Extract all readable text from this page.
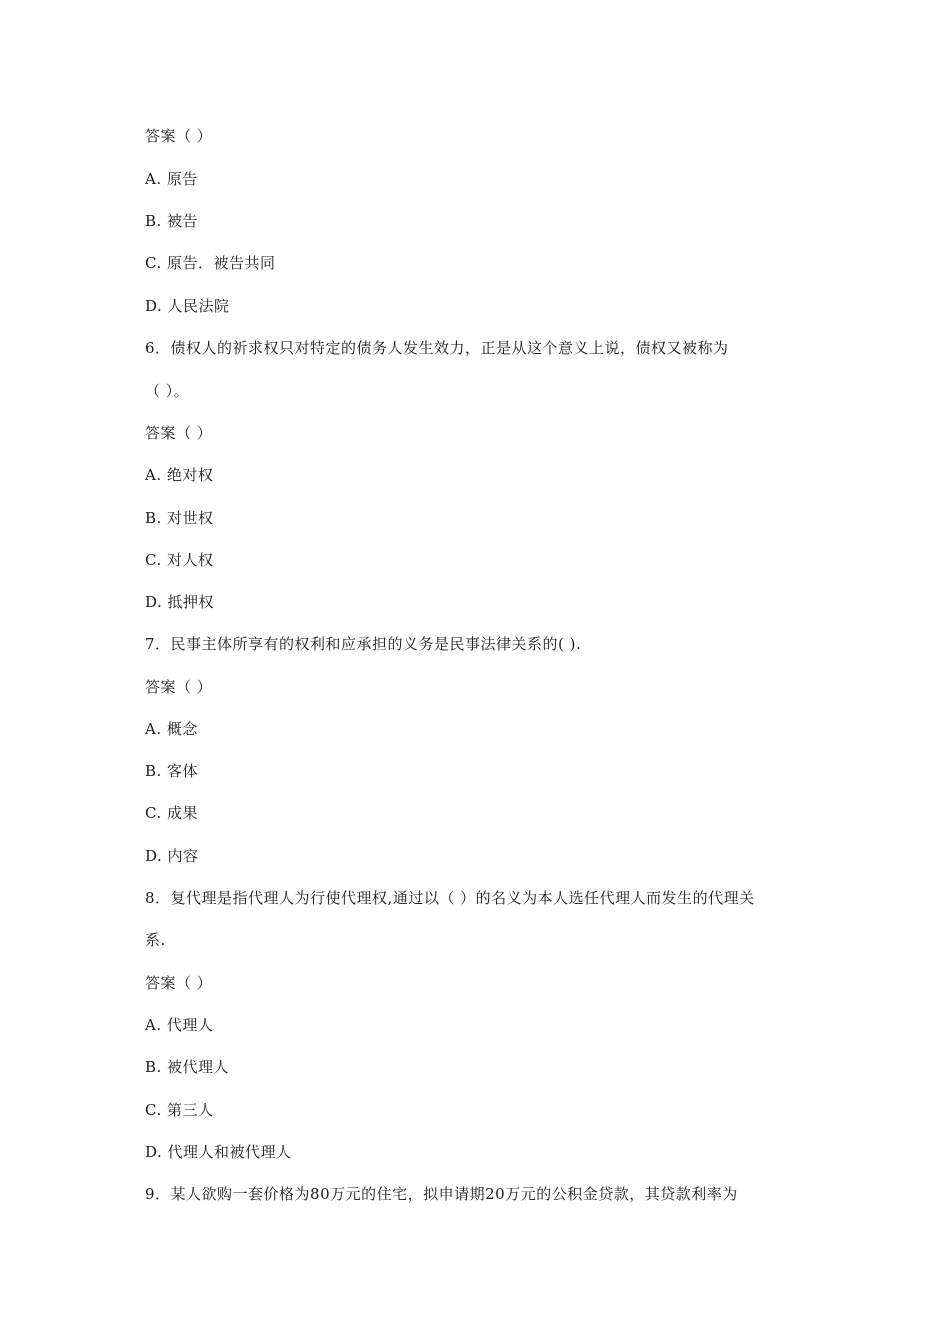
答案（ ）
A. 原告
B. 被告
C. 原告．被告共同
D. 人民法院
6．债权人的祈求权只对特定的债务人发生效力，正是从这个意义上说，债权又被称为
（ ）。
答案（ ）
A. 绝对权
B. 对世权
C. 对人权
D. 抵押权
7．民事主体所享有的权利和应承担的义务是民事法律关系的( ).
答案（ ）
A. 概念
B. 客体
C. 成果
D. 内容
8．复代理是指代理人为行使代理权,通过以（ ）的名义为本人选任代理人而发生的代理关
系.
答案（ ）
A. 代理人
B. 被代理人
C. 第三人
D. 代理人和被代理人
9．某人欲购一套价格为80万元的住宅，拟申请期20万元的公积金贷款，其贷款利率为
